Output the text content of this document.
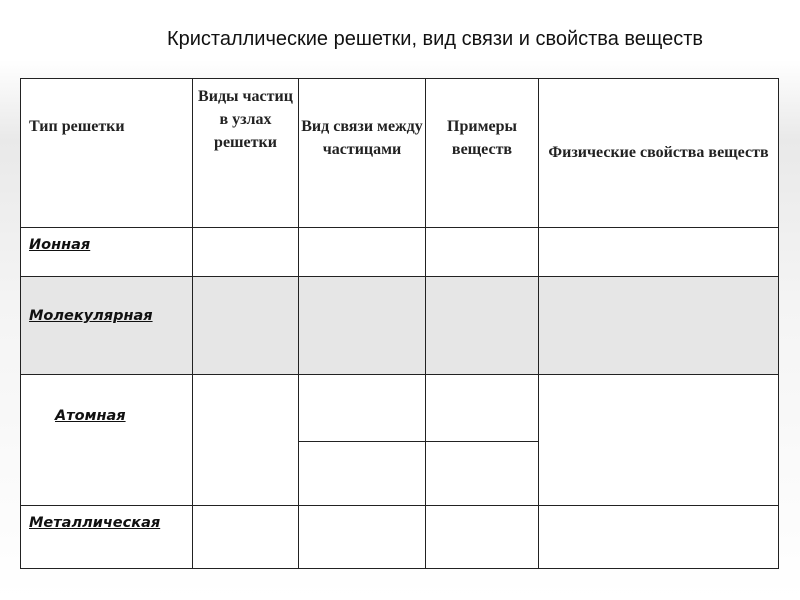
Кристаллические решетки, вид связи и свойства веществ
Тип решетки	Виды частиц в узлах решетки	Вид связи между частицами	Примеры веществ	Физические свойства веществ
Ионная				
Молекулярная				
Атомная				

Металлическая				
